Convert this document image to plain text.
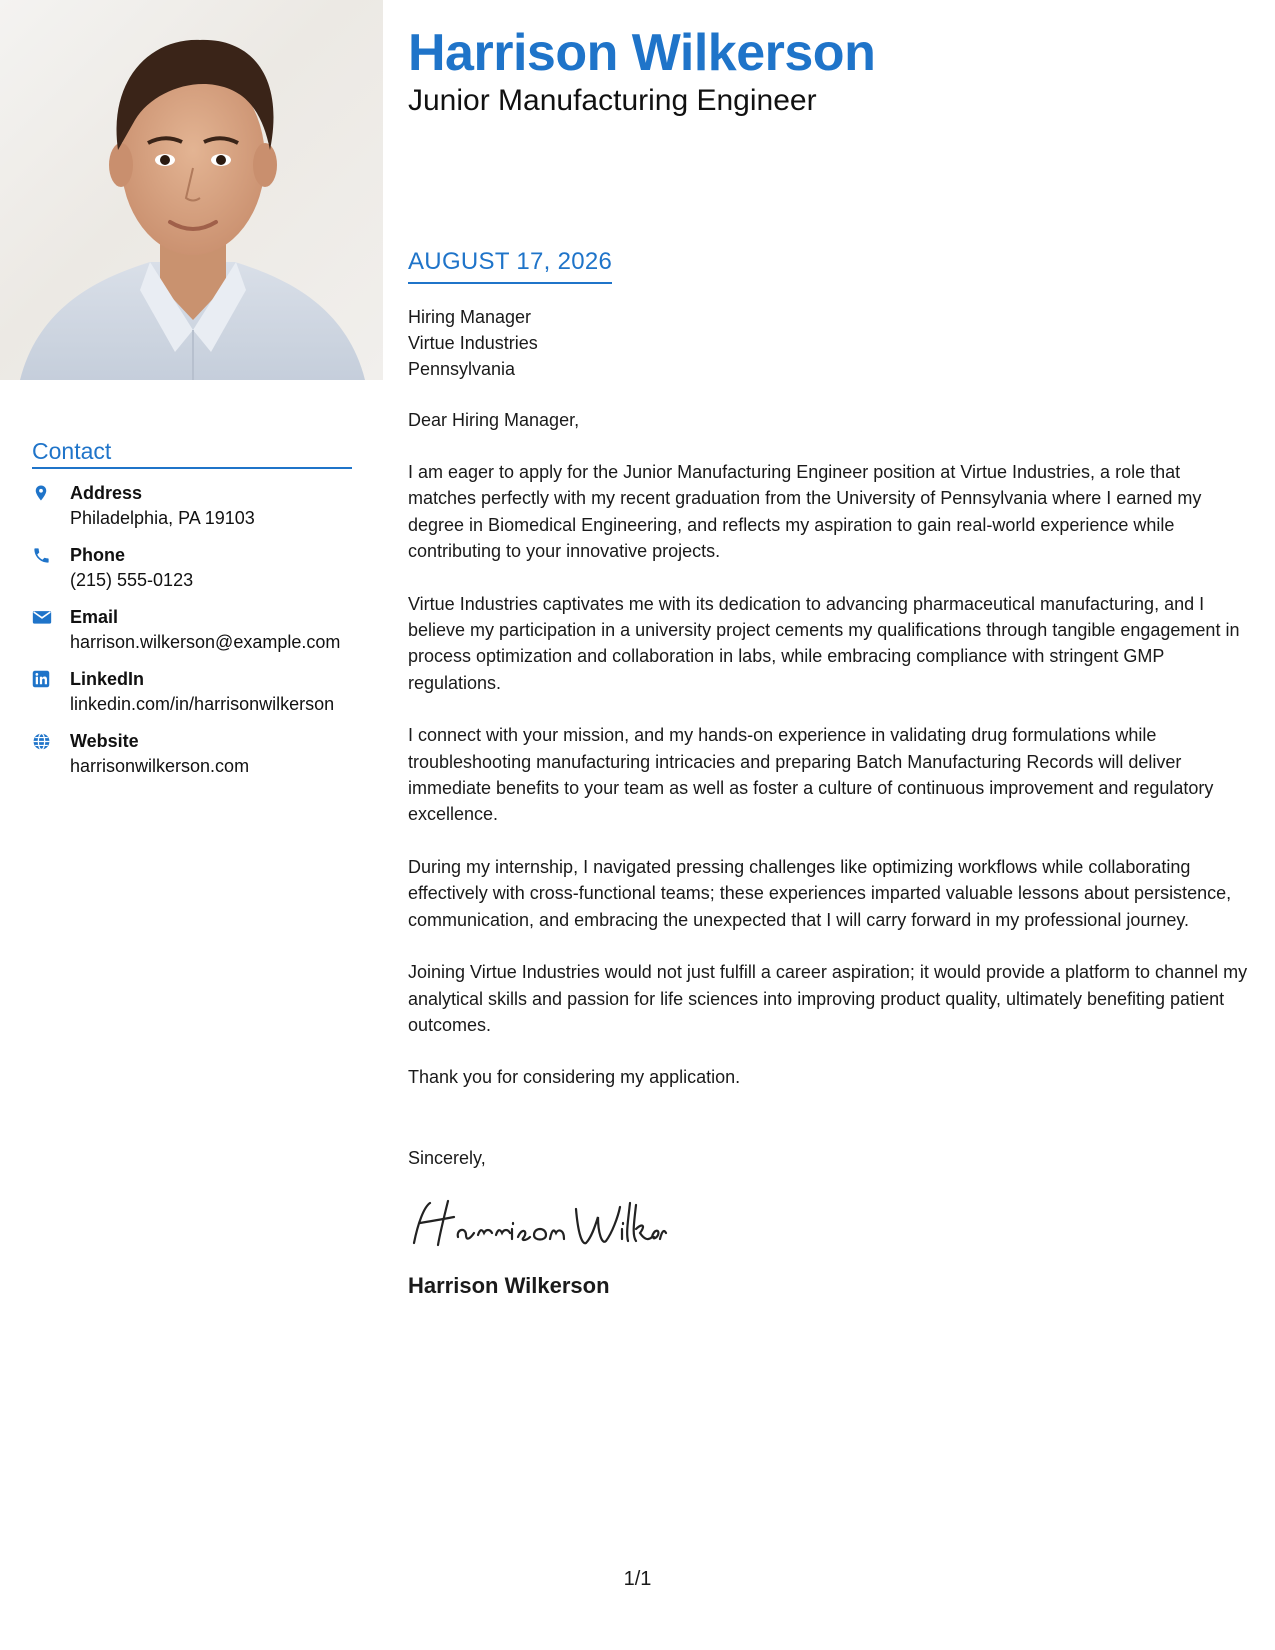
Contact
Address
Philadelphia, PA 19103
Phone
(215) 555-0123
Email
harrison.wilkerson@example.com
LinkedIn
linkedin.com/in/harrisonwilkerson
Website
harrisonwilkerson.com
Harrison Wilkerson
Junior Manufacturing Engineer
AUGUST 17, 2026
Hiring Manager
Virtue Industries
Pennsylvania
Dear Hiring Manager,
I am eager to apply for the Junior Manufacturing Engineer position at Virtue Industries, a role that matches perfectly with my recent graduation from the University of Pennsylvania where I earned my degree in Biomedical Engineering, and reflects my aspiration to gain real-world experience while contributing to your innovative projects.
Virtue Industries captivates me with its dedication to advancing pharmaceutical manufacturing, and I believe my participation in a university project cements my qualifications through tangible engagement in process optimization and collaboration in labs, while embracing compliance with stringent GMP regulations.
I connect with your mission, and my hands-on experience in validating drug formulations while troubleshooting manufacturing intricacies and preparing Batch Manufacturing Records will deliver immediate benefits to your team as well as foster a culture of continuous improvement and regulatory excellence.
During my internship, I navigated pressing challenges like optimizing workflows while collaborating effectively with cross-functional teams; these experiences imparted valuable lessons about persistence, communication, and embracing the unexpected that I will carry forward in my professional journey.
Joining Virtue Industries would not just fulfill a career aspiration; it would provide a platform to channel my analytical skills and passion for life sciences into improving product quality, ultimately benefiting patient outcomes.
Thank you for considering my application.
Sincerely,
Harrison Wilkerson
1/1
